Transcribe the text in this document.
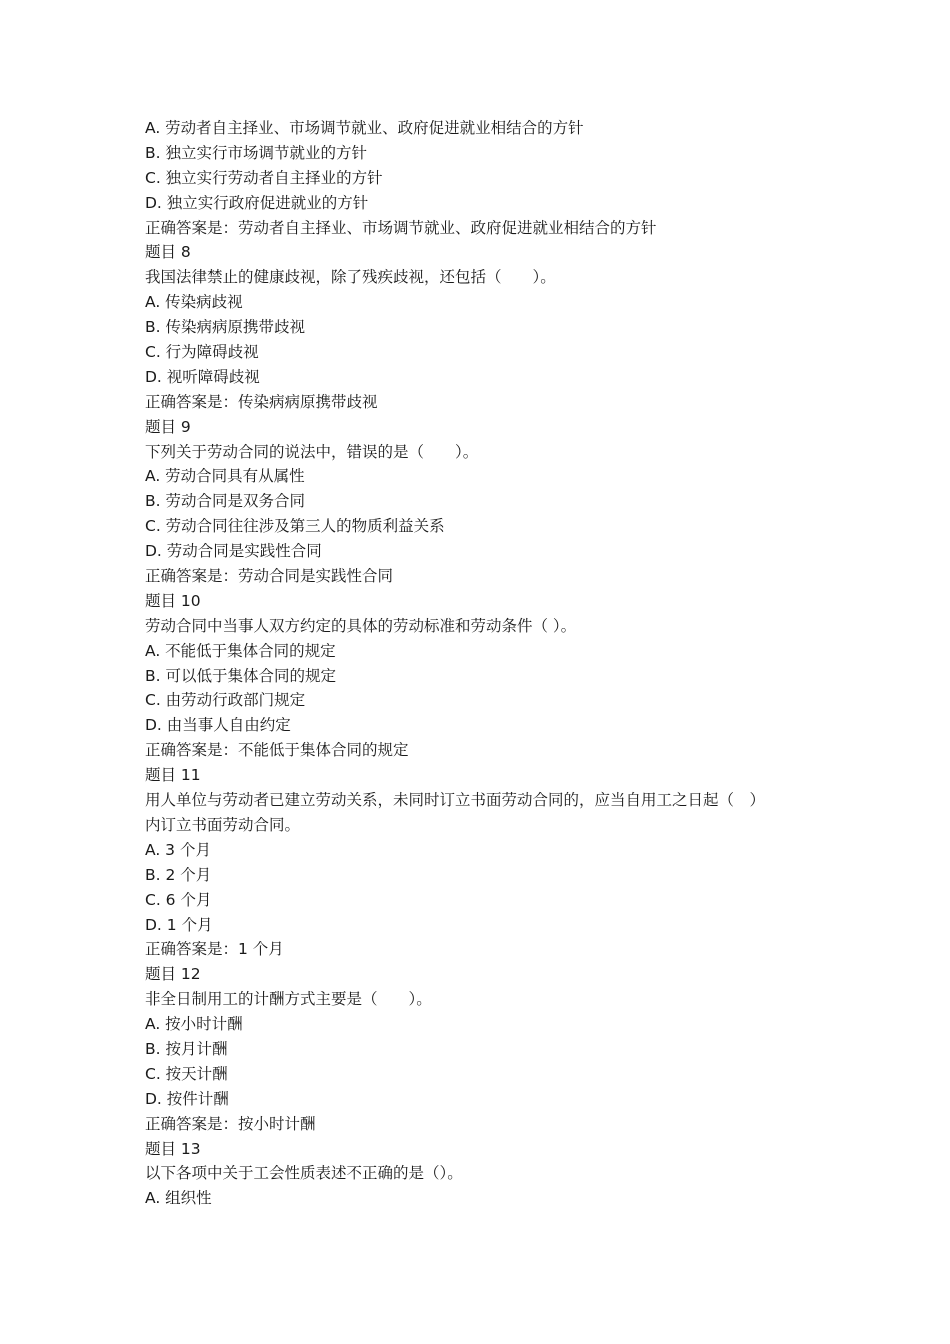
A. 劳动者自主择业、市场调节就业、政府促进就业相结合的方针
B. 独立实行市场调节就业的方针
C. 独立实行劳动者自主择业的方针
D. 独立实行政府促进就业的方针
正确答案是：劳动者自主择业、市场调节就业、政府促进就业相结合的方针
题目 8
我国法律禁止的健康歧视，除了残疾歧视，还包括（　　）。
A. 传染病歧视
B. 传染病病原携带歧视
C. 行为障碍歧视
D. 视听障碍歧视
正确答案是：传染病病原携带歧视
题目 9
下列关于劳动合同的说法中，错误的是（　　）。
A. 劳动合同具有从属性
B. 劳动合同是双务合同
C. 劳动合同往往涉及第三人的物质利益关系
D. 劳动合同是实践性合同
正确答案是：劳动合同是实践性合同
题目 10
劳动合同中当事人双方约定的具体的劳动标准和劳动条件（ ）。
A. 不能低于集体合同的规定
B. 可以低于集体合同的规定
C. 由劳动行政部门规定
D. 由当事人自由约定
正确答案是：不能低于集体合同的规定
题目 11
用人单位与劳动者已建立劳动关系，未同时订立书面劳动合同的，应当自用工之日起（　）
内订立书面劳动合同。
A. 3 个月
B. 2 个月
C. 6 个月
D. 1 个月
正确答案是：1 个月
题目 12
非全日制用工的计酬方式主要是（　　）。
A. 按小时计酬
B. 按月计酬
C. 按天计酬
D. 按件计酬
正确答案是：按小时计酬
题目 13
以下各项中关于工会性质表述不正确的是（）。
A. 组织性
